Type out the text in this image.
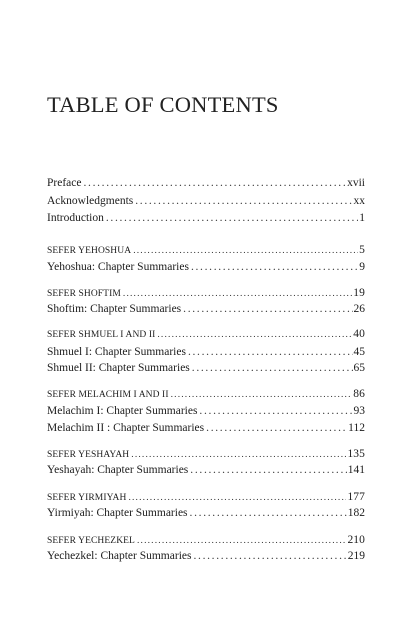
TABLE OF CONTENTS
Preface . . .	xvii
Acknowledgments . . .	xx
Introduction . . .	1
SEFER YEHOSHUA . . .	5
Yehoshua: Chapter Summaries . . .	9
SEFER SHOFTIM . . .	19
Shoftim: Chapter Summaries . . .	26
SEFER SHMUEL I AND II . . .	40
Shmuel I: Chapter Summaries . . .	45
Shmuel II: Chapter Summaries . . .	65
SEFER MELACHIM I AND II . . .	86
Melachim I: Chapter Summaries . . .	93
Melachim II : Chapter Summaries . . .	112
SEFER YESHAYAH . . .	135
Yeshayah: Chapter Summaries . . .	141
SEFER YIRMIYAH . . .	177
Yirmiyah: Chapter Summaries . . .	182
SEFER YECHEZKEL . . .	210
Yechezkel: Chapter Summaries . . .	219
